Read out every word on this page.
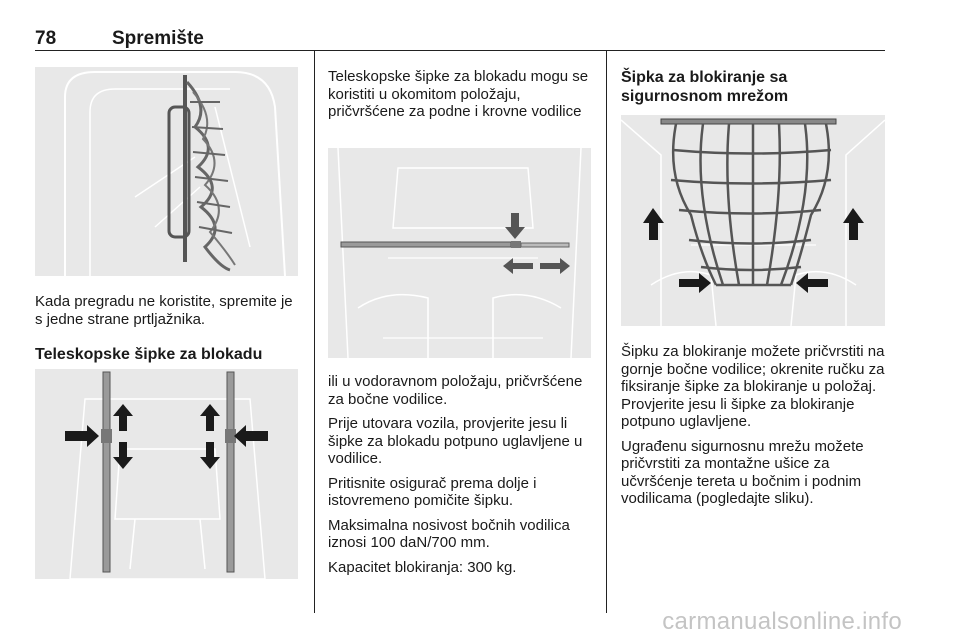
78	Spremište
Kada pregradu ne koristite, spremite je s jedne strane prtljažnika.
Teleskopske šipke za blokadu
Teleskopske šipke za blokadu mogu se koristiti u okomitom položaju, pričvršćene za podne i krovne vodilice

ili u vodoravnom položaju, pričvršćene za bočne vodilice.

Prije utovara vozila, provjerite jesu li šipke za blokadu potpuno uglavljene u vodilice.

Pritisnite osigurač prema dolje i istovremeno pomičite šipku.

Maksimalna nosivost bočnih vodilica iznosi 100 daN/700 mm.

Kapacitet blokiranja: 300 kg.

Šipka za blokiranje sa sigurnosnom mrežom

Šipku za blokiranje možete pričvrstiti na gornje bočne vodilice; okrenite ručku za fiksiranje šipke za blokiranje u položaj. Provjerite jesu li šipke za blokiranje potpuno uglavljene.

Ugrađenu sigurnosnu mrežu možete pričvrstiti za montažne ušice za učvršćenje tereta u bočnim i podnim vodilicama (pogledajte sliku).

carmanualsonline.info
